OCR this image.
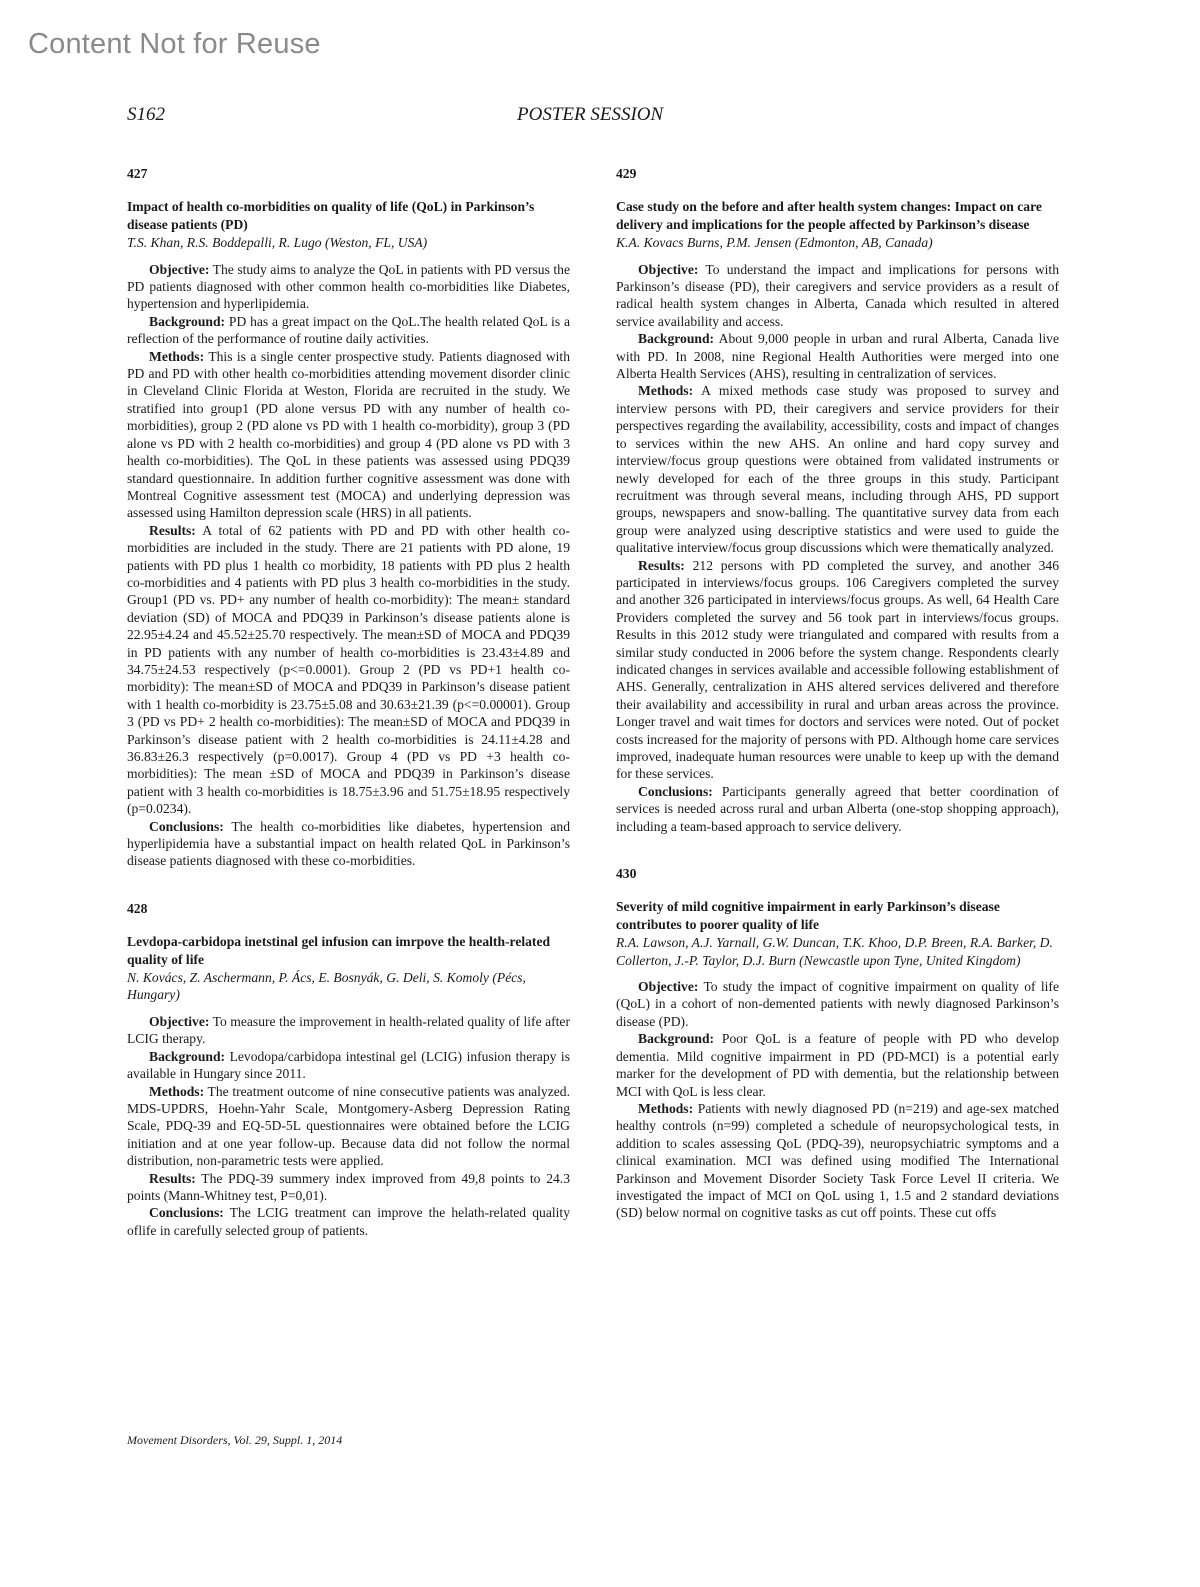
Content Not for Reuse
S162	POSTER SESSION

427

Impact of health co-morbidities on quality of life (QoL) in Parkinson’s disease patients (PD)

T.S. Khan, R.S. Boddepalli, R. Lugo (Weston, FL, USA)

Objective: The study aims to analyze the QoL in patients with PD versus the PD patients diagnosed with other common health co-morbidities like Diabetes, hypertension and hyperlipidemia.

Background: PD has a great impact on the QoL.The health related QoL is a reflection of the performance of routine daily activities.

Methods: This is a single center prospective study. Patients diagnosed with PD and PD with other health co-morbidities attending movement disorder clinic in Cleveland Clinic Florida at Weston, Florida are recruited in the study. We stratified into group1 (PD alone versus PD with any number of health co-morbidities), group 2 (PD alone vs PD with 1 health co-morbidity), group 3 (PD alone vs PD with 2 health co-morbidities) and group 4 (PD alone vs PD with 3 health co-morbidities). The QoL in these patients was assessed using PDQ39 standard questionnaire. In addition further cognitive assessment was done with Montreal Cognitive assessment test (MOCA) and underlying depression was assessed using Hamilton depression scale (HRS) in all patients.

Results: A total of 62 patients with PD and PD with other health co-morbidities are included in the study. There are 21 patients with PD alone, 19 patients with PD plus 1 health co morbidity, 18 patients with PD plus 2 health co-morbidities and 4 patients with PD plus 3 health co-morbidities in the study. Group1 (PD vs. PD+ any number of health co-morbidity): The mean± standard deviation (SD) of MOCA and PDQ39 in Parkinson’s disease patients alone is 22.95±4.24 and 45.52±25.70 respectively. The mean±SD of MOCA and PDQ39 in PD patients with any number of health co-morbidities is 23.43±4.89 and 34.75±24.53 respectively (p<=0.0001). Group 2 (PD vs PD+1 health co-morbidity): The mean±SD of MOCA and PDQ39 in Parkinson’s disease patient with 1 health co-morbidity is 23.75±5.08 and 30.63±21.39 (p<=0.00001). Group 3 (PD vs PD+ 2 health co-morbidities): The mean±SD of MOCA and PDQ39 in Parkinson’s disease patient with 2 health co-morbidities is 24.11±4.28 and 36.83±26.3 respectively (p=0.0017). Group 4 (PD vs PD +3 health co-morbidities): The mean ±SD of MOCA and PDQ39 in Parkinson’s disease patient with 3 health co-morbidities is 18.75±3.96 and 51.75±18.95 respectively (p=0.0234).

Conclusions: The health co-morbidities like diabetes, hypertension and hyperlipidemia have a substantial impact on health related QoL in Parkinson’s disease patients diagnosed with these co-morbidities.

428

Levdopa-carbidopa inetstinal gel infusion can imrpove the health-related quality of life

N. Kovács, Z. Aschermann, P. Ács, E. Bosnyák, G. Deli, S. Komoly (Pécs, Hungary)

Objective: To measure the improvement in health-related quality of life after LCIG therapy.

Background: Levodopa/carbidopa intestinal gel (LCIG) infusion therapy is available in Hungary since 2011.

Methods: The treatment outcome of nine consecutive patients was analyzed. MDS-UPDRS, Hoehn-Yahr Scale, Montgomery-Asberg Depression Rating Scale, PDQ-39 and EQ-5D-5L questionnaires were obtained before the LCIG initiation and at one year follow-up. Because data did not follow the normal distribution, non-parametric tests were applied.

Results: The PDQ-39 summery index improved from 49,8 points to 24.3 points (Mann-Whitney test, P=0,01).

Conclusions: The LCIG treatment can improve the helath-related quality oflife in carefully selected group of patients.

429

Case study on the before and after health system changes: Impact on care delivery and implications for the people affected by Parkinson’s disease

K.A. Kovacs Burns, P.M. Jensen (Edmonton, AB, Canada)

Objective: To understand the impact and implications for persons with Parkinson’s disease (PD), their caregivers and service providers as a result of radical health system changes in Alberta, Canada which resulted in altered service availability and access.

Background: About 9,000 people in urban and rural Alberta, Canada live with PD. In 2008, nine Regional Health Authorities were merged into one Alberta Health Services (AHS), resulting in centralization of services.

Methods: A mixed methods case study was proposed to survey and interview persons with PD, their caregivers and service providers for their perspectives regarding the availability, accessibility, costs and impact of changes to services within the new AHS. An online and hard copy survey and interview/focus group questions were obtained from validated instruments or newly developed for each of the three groups in this study. Participant recruitment was through several means, including through AHS, PD support groups, newspapers and snow-balling. The quantitative survey data from each group were analyzed using descriptive statistics and were used to guide the qualitative interview/focus group discussions which were thematically analyzed.

Results: 212 persons with PD completed the survey, and another 346 participated in interviews/focus groups. 106 Caregivers completed the survey and another 326 participated in interviews/focus groups. As well, 64 Health Care Providers completed the survey and 56 took part in interviews/focus groups. Results in this 2012 study were triangulated and compared with results from a similar study conducted in 2006 before the system change. Respondents clearly indicated changes in services available and accessible following establishment of AHS. Generally, centralization in AHS altered services delivered and therefore their availability and accessibility in rural and urban areas across the province. Longer travel and wait times for doctors and services were noted. Out of pocket costs increased for the majority of persons with PD. Although home care services improved, inadequate human resources were unable to keep up with the demand for these services.

Conclusions: Participants generally agreed that better coordination of services is needed across rural and urban Alberta (one-stop shopping approach), including a team-based approach to service delivery.

430

Severity of mild cognitive impairment in early Parkinson’s disease contributes to poorer quality of life

R.A. Lawson, A.J. Yarnall, G.W. Duncan, T.K. Khoo, D.P. Breen, R.A. Barker, D. Collerton, J.-P. Taylor, D.J. Burn (Newcastle upon Tyne, United Kingdom)

Objective: To study the impact of cognitive impairment on quality of life (QoL) in a cohort of non-demented patients with newly diagnosed Parkinson’s disease (PD).

Background: Poor QoL is a feature of people with PD who develop dementia. Mild cognitive impairment in PD (PD-MCI) is a potential early marker for the development of PD with dementia, but the relationship between MCI with QoL is less clear.

Methods: Patients with newly diagnosed PD (n=219) and age-sex matched healthy controls (n=99) completed a schedule of neuropsychological tests, in addition to scales assessing QoL (PDQ-39), neuropsychiatric symptoms and a clinical examination. MCI was defined using modified The International Parkinson and Movement Disorder Society Task Force Level II criteria. We investigated the impact of MCI on QoL using 1, 1.5 and 2 standard deviations (SD) below normal on cognitive tasks as cut off points. These cut offs

Movement Disorders, Vol. 29, Suppl. 1, 2014
